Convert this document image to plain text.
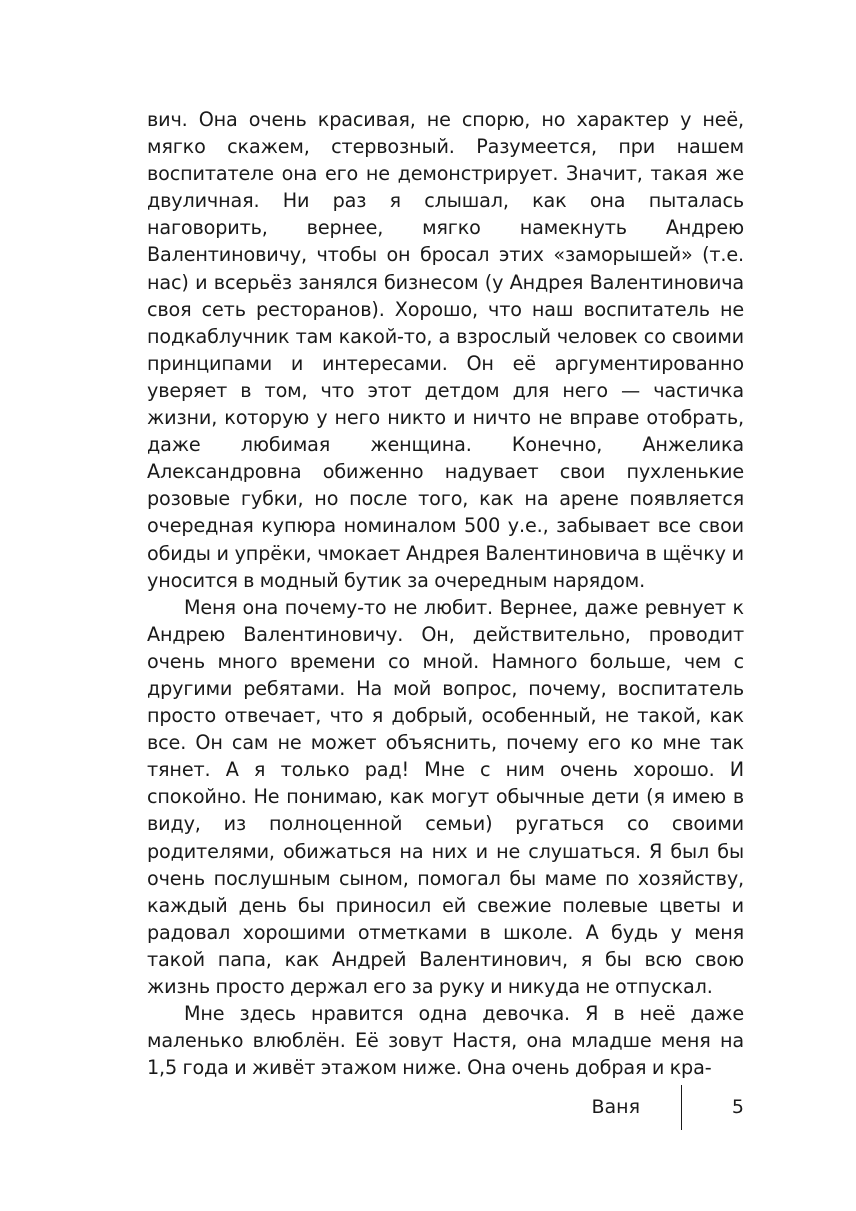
вич. Она очень красивая, не спорю, но характер у неё, мягко скажем, стервозный. Разумеется, при нашем воспитателе она его не демонстрирует. Значит, такая же двуличная. Ни раз я слышал, как она пыталась наговорить, вернее, мягко намекнуть Андрею Валентиновичу, чтобы он бросал этих «заморышей» (т.е. нас) и всерьёз занялся бизнесом (у Андрея Валентиновича своя сеть ресторанов). Хорошо, что наш воспитатель не подкаблучник там какой-то, а взрослый человек со своими принципами и интересами. Он её аргументированно уверяет в том, что этот детдом для него — частичка жизни, которую у него никто и ничто не вправе отобрать, даже любимая женщина. Конечно, Анжелика Александровна обиженно надувает свои пухленькие розовые губки, но после того, как на арене появляется очередная купюра номиналом 500 у.е., забывает все свои обиды и упрёки, чмокает Андрея Валентиновича в щёчку и уносится в модный бутик за очередным нарядом.

Меня она почему-то не любит. Вернее, даже ревнует к Андрею Валентиновичу. Он, действительно, проводит очень много времени со мной. Намного больше, чем с другими ребятами. На мой вопрос, почему, воспитатель просто отвечает, что я добрый, особенный, не такой, как все. Он сам не может объяснить, почему его ко мне так тянет. А я только рад! Мне с ним очень хорошо. И спокойно. Не понимаю, как могут обычные дети (я имею в виду, из полноценной семьи) ругаться со своими родителями, обижаться на них и не слушаться. Я был бы очень послушным сыном, помогал бы маме по хозяйству, каждый день бы приносил ей свежие полевые цветы и радовал хорошими отметками в школе. А будь у меня такой папа, как Андрей Валентинович, я бы всю свою жизнь просто держал его за руку и никуда не отпускал.

Мне здесь нравится одна девочка. Я в неё даже маленько влюблён. Её зовут Настя, она младше меня на 1,5 года и живёт этажом ниже. Она очень добрая и кра-

Ваня	5
